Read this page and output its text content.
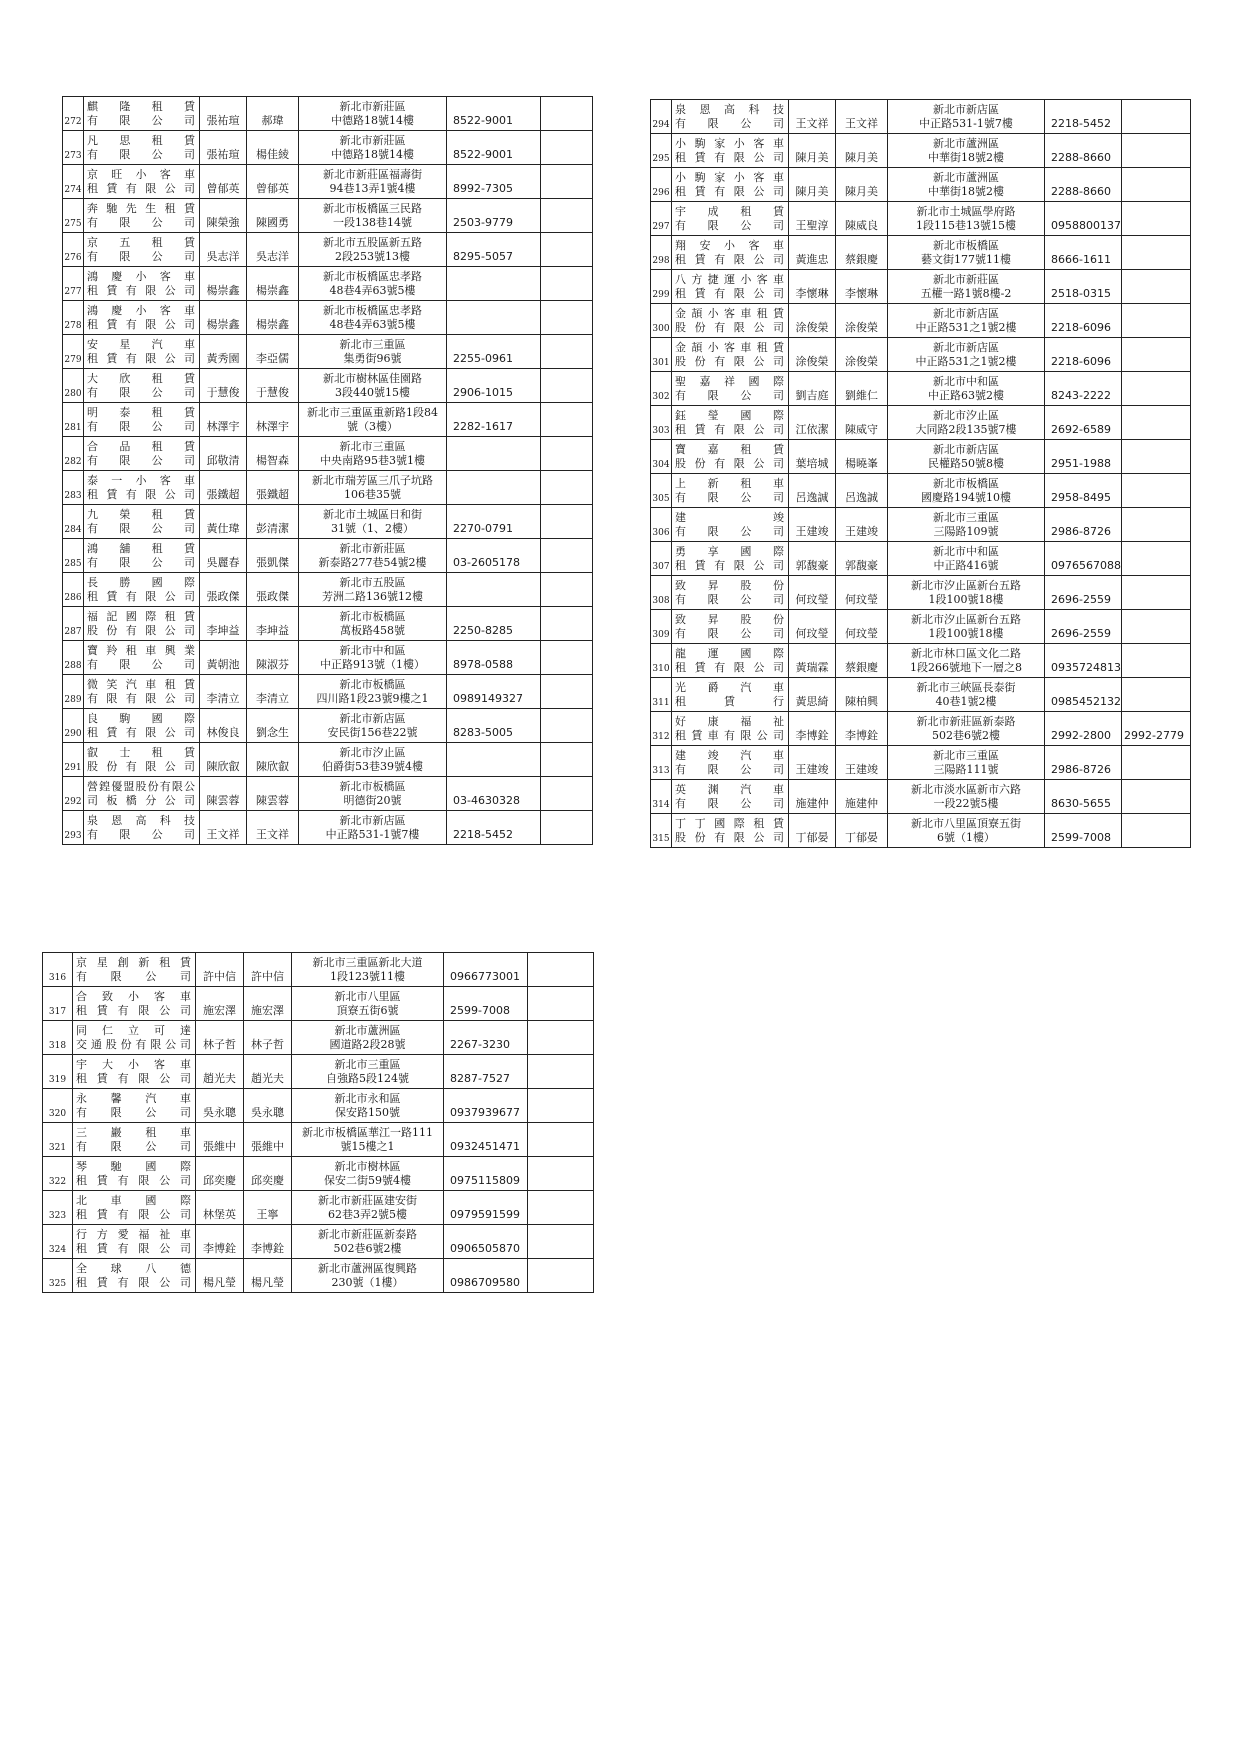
272	麒　隆　租　賃
有　限　公　司	張祐瑄	郝瑋	新北市新莊區
中德路18號14樓	8522-9001	
273	凡　思　租　賃
有　限　公　司	張祐瑄	楊佳綾	新北市新莊區
中德路18號14樓	8522-9001	
274	京旺小客車
租賃有限公司	曾郁英	曾郁英	新北市新莊區福壽街
94巷13弄1號4樓	8992-7305	
275	奔馳先生租賃
有　限　公　司	陳榮強	陳國勇	新北市板橋區三民路
一段138巷14號	2503-9779	
276	京　五　租　賃
有　限　公　司	吳志洋	吳志洋	新北市五股區新五路
2段253號13樓	8295-5057	
277	鴻慶小客車
租賃有限公司	楊崇鑫	楊崇鑫	新北市板橋區忠孝路
48巷4弄63號5樓		

278	鴻慶小客車
租賃有限公司	楊崇鑫	楊崇鑫	新北市板橋區忠孝路
48巷4弄63號5樓		

279	安　星　汽　車
租賃有限公司	黃秀園	李亞儒	新北市三重區
集勇街96號	2255-0961	
280	大　欣　租　賃
有　限　公　司	于慧俊	于慧俊	新北市樹林區佳園路
3段440號15樓	2906-1015	
281	明　泰　租　賃
有　限　公　司	林澤宇	林澤宇	新北市三重區重新路1段84
號（3樓）	2282-1617	
282	合　品　租　賃
有　限　公　司	邱敬清	楊智森	新北市三重區
中央南路95巷3號1樓		

283	泰一小客車
租賃有限公司	張鐵超	張鐵超	新北市瑞芳區三爪子坑路
106巷35號		

284	九　榮　租　賃
有　限　公　司	黃仕瑋	彭清潔	新北市土城區日和街
31號（1、2樓）	2270-0791	
285	鴻　舖　租　賃
有　限　公　司	吳麗春	張凱傑	新北市新莊區
新泰路277巷54號2樓	03-2605178	
286	長　勝　國　際
租賃有限公司	張政傑	張政傑	新北市五股區
芳洲二路136號12樓		

287	福記國際租賃
股份有限公司	李坤益	李坤益	新北市板橋區
萬板路458號	2250-8285	
288	寶羚租車興業
有　限　公　司	黃朝池	陳淑芬	新北市中和區
中正路913號（1樓）	8978-0588	
289	微笑汽車租賃
有限有限公司	李清立	李清立	新北市板橋區
四川路1段23號9樓之1	0989149327	
290	良　駒　國　際
租賃有限公司	林俊良	劉念生	新北市新店區
安民街156巷22號	8283-5005	
291	叡　士　租　賃
股份有限公司	陳欣叡	陳欣叡	新北市汐止區
伯爵街53巷39號4樓		

292	營鍠優盟股份有限公
司板橋分公司	陳雲蓉	陳雲蓉	新北市板橋區
明德街20號	03-4630328	
293	泉　恩　高　科　技
有　限　公　司	王文祥	王文祥	新北市新店區
中正路531-1號7樓	2218-5452	
294	泉　恩　高　科　技
有　限　公　司	王文祥	王文祥	新北市新店區
中正路531-1號7樓	2218-5452	
295	小駒家小客車
租賃有限公司	陳月美	陳月美	新北市蘆洲區
中華街18號2樓	2288-8660	
296	小駒家小客車
租賃有限公司	陳月美	陳月美	新北市蘆洲區
中華街18號2樓	2288-8660	
297	宇　成　租　賃
有　限　公　司	王聖淳	陳威良	新北市土城區學府路
1段115巷13號15樓	0958800137	
298	翔安小客車
租賃有限公司	黃進忠	蔡銀慶	新北市板橋區
藝文街177號11樓	8666-1611	
299	八方捷運小客車
租賃有限公司	李懷琳	李懷琳	新北市新莊區
五權一路1號8樓-2	2518-0315	
300	金頡小客車租賃
股份有限公司	涂俊榮	涂俊榮	新北市新店區
中正路531之1號2樓	2218-6096	
301	金頡小客車租賃
股份有限公司	涂俊榮	涂俊榮	新北市新店區
中正路531之1號2樓	2218-6096	
302	聖嘉祥國際
有　限　公　司	劉吉庭	劉維仁	新北市中和區
中正路63號2樓	8243-2222	
303	鈺　瑩　國　際
租賃有限公司	江依潔	陳威守	新北市汐止區
大同路2段135號7樓	2692-6589	
304	寶　嘉　租　賃
股份有限公司	葉培城	楊曉峯	新北市新店區
民權路50號8樓	2951-1988	
305	上　新　租　車
有　限　公　司	呂逸誠	呂逸誠	新北市板橋區
國慶路194號10樓	2958-8495	
306	建　　　　　竣
有　限　公　司	王建竣	王建竣	新北市三重區
三陽路109號	2986-8726	
307	勇　享　國　際
租賃有限公司	郭馥豪	郭馥豪	新北市中和區
中正路416號	0976567088	
308	致　昇　股　份
有　限　公　司	何玟瑩	何玟瑩	新北市汐止區新台五路
1段100號18樓	2696-2559	
309	致　昇　股　份
有　限　公　司	何玟瑩	何玟瑩	新北市汐止區新台五路
1段100號18樓	2696-2559	
310	龍　運　國　際
租賃有限公司	黃瑞霖	蔡銀慶	新北市林口區文化二路
1段266號地下一層之8	0935724813	
311	光　爵　汽　車
租　　賃　　行	黃思綺	陳柏興	新北市三峽區長泰街
40巷1號2樓	0985452132	
312	好　康　福　祉
租賃車有限公司	李博銓	李博銓	新北市新莊區新泰路
502巷6號2樓	2992-2800	2992-2779
313	建　竣　汽　車
有　限　公　司	王建竣	王建竣	新北市三重區
三陽路111號	2986-8726	
314	英　渊　汽　車
有　限　公　司	施建仲	施建仲	新北市淡水區新市六路
一段22號5樓	8630-5655	
315	丁丁國際租賃
股份有限公司	丁郁晏	丁郁晏	新北市八里區頂寮五街
6號（1樓）	2599-7008	
316	京星創新租賃
有　限　公　司	許中信	許中信	新北市三重區新北大道
1段123號11樓	0966773001	
317	合致小客車
租賃有限公司	施宏澤	施宏澤	新北市八里區
頂寮五街6號	2599-7008	
318	同　仁　立　可　達
交通股份有限公司	林子哲	林子哲	新北市蘆洲區
國道路2段28號	2267-3230	
319	宇大小客車
租賃有限公司	趙光夫	趙光夫	新北市三重區
自強路5段124號	8287-7527	
320	永　馨　汽　車
有　限　公　司	吳永聰	吳永聰	新北市永和區
保安路150號	0937939677	
321	三　巖　租　車
有　限　公　司	張維中	張維中	新北市板橋區華江一路111
號15樓之1	0932451471	
322	琴　馳　國　際
租賃有限公司	邱奕慶	邱奕慶	新北市樹林區
保安二街59號4樓	0975115809	
323	北　車　國　際
租賃有限公司	林堡英	王寧	新北市新莊區建安街
62巷3弄2號5樓	0979591599	
324	行方愛福祉車
租賃有限公司	李博銓	李博銓	新北市新莊區新泰路
502巷6號2樓	0906505870	
325	全　球　八　德
租賃有限公司	楊凡瑩	楊凡瑩	新北市蘆洲區復興路
230號（1樓）	0986709580	
